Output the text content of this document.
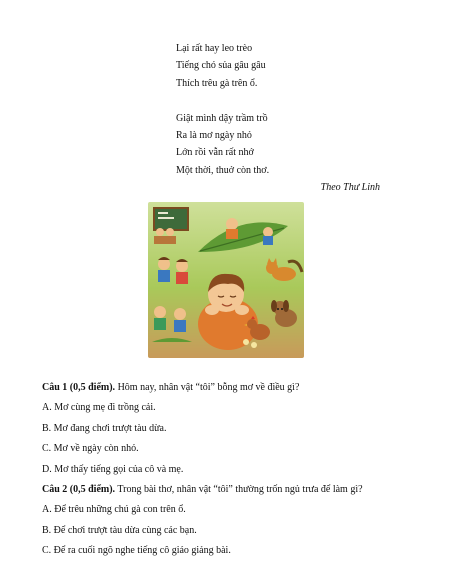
Lại rất hay leo trèo
Tiếng chó sủa gâu gâu
Thích trêu gà trên ổ.
Giật mình dậy trầm trồ
Ra là mơ ngày nhỏ
Lớn rồi vẫn rất nhớ
Một thời, thuở còn thơ.
Theo Thư Linh
Câu 1 (0,5 điểm). Hôm nay, nhân vật “tôi” bỗng mơ về điều gì?
A. Mơ cùng mẹ đi trồng cải.
B. Mơ đang chơi trượt tàu dừa.
C. Mơ về ngày còn nhỏ.
D. Mơ thấy tiếng gọi của cô và mẹ.
Câu 2 (0,5 điểm). Trong bài thơ, nhân vật “tôi” thường trốn ngủ trưa để làm gì?
A. Để trêu những chú gà con trên ổ.
B. Để chơi trượt tàu dừa cùng các bạn.
C. Để ra cuối ngõ nghe tiếng cô giáo giảng bài.
